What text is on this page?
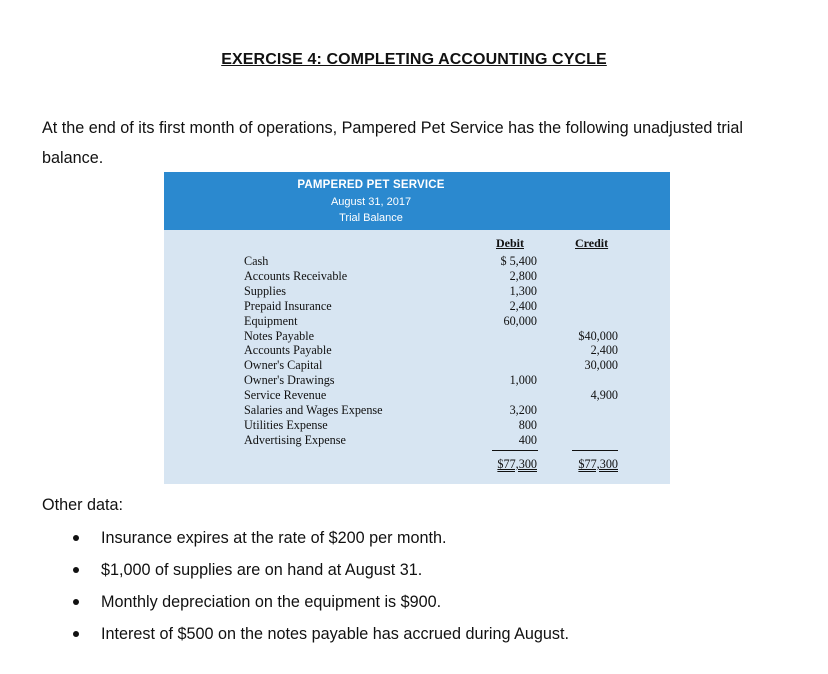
EXERCISE 4: COMPLETING ACCOUNTING CYCLE
At the end of its first month of operations, Pampered Pet Service has the following unadjusted trial balance.
PAMPERED PET SERVICE
August 31, 2017
Trial Balance
Debit	Credit
Cash
Accounts Receivable
Supplies
Prepaid Insurance
Equipment
Notes Payable
Accounts Payable
Owner's Capital
Owner's Drawings
Service Revenue
Salaries and Wages Expense
Utilities Expense
Advertising Expense
$ 5,400
2,800
1,300
2,400
60,000

1,000

3,200
800
400

$40,000
2,400
30,000

4,900

$77,300	$77,300
Other data:
Insurance expires at the rate of $200 per month.
$1,000 of supplies are on hand at August 31.
Monthly depreciation on the equipment is $900.
Interest of $500 on the notes payable has accrued during August.
